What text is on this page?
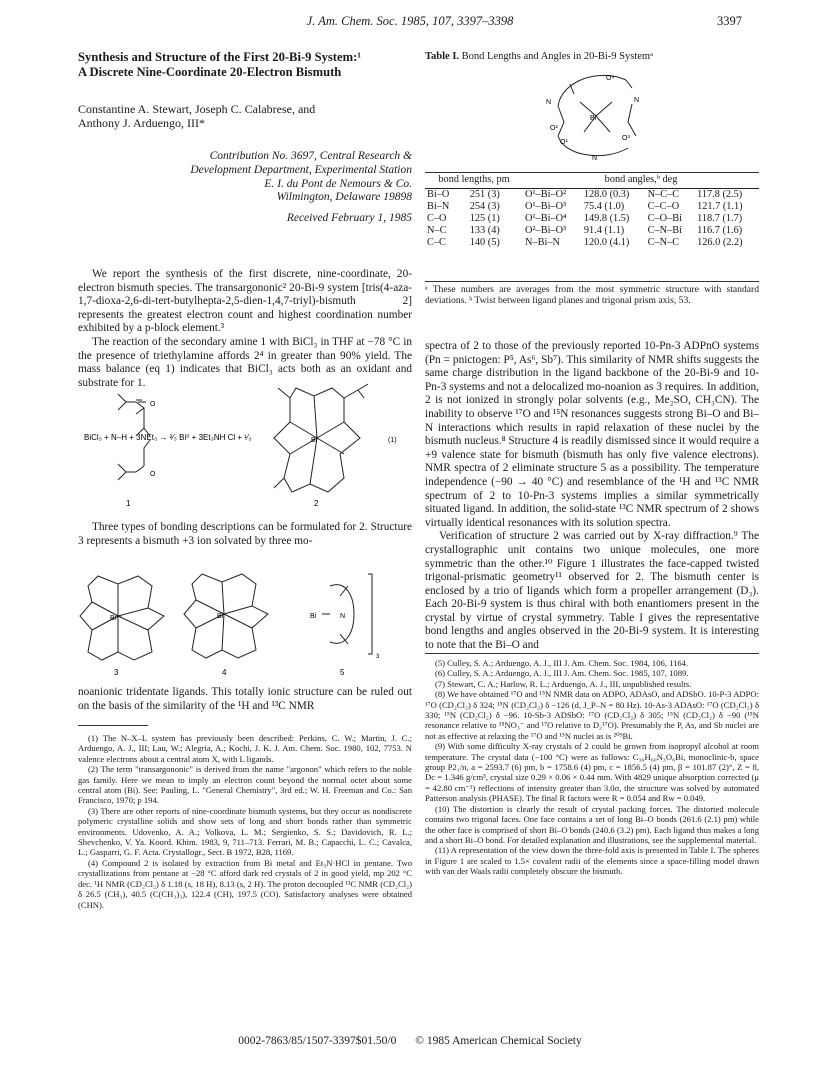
J. Am. Chem. Soc. 1985, 107, 3397–3398	3397
Synthesis and Structure of the First 20-Bi-9 System:¹
A Discrete Nine-Coordinate 20-Electron Bismuth
Constantine A. Stewart, Joseph C. Calabrese, and
Anthony J. Arduengo, III*
Contribution No. 3697, Central Research &
Development Department, Experimental Station
E. I. du Pont de Nemours & Co.
Wilmington, Delaware 19898
Received February 1, 1985

We report the synthesis of the first discrete, nine-coordinate, 20-electron bismuth species. The transargononic² 20-Bi-9 system [tris(4-aza-1,7-dioxa-2,6-di-tert-butylhepta-2,5-dien-1,4,7-triyl)-bismuth 2] represents the greatest electron count and highest coordination number exhibited by a p-block element.³

The reaction of the secondary amine 1 with BiCl₃ in THF at −78 °C in the presence of triethylamine affords 2⁴ in greater than 90% yield. The mass balance (eq 1) indicates that BiCl₃ acts both as an oxidant and substrate for 1.

BiCl₃ + N–H + 3NEt₃ → ²⁄₃ Bi⁰ + 3Et₃NH Cl + ¹⁄₃
O
O
Bi	(1)
1	2

Three types of bonding descriptions can be formulated for 2. Structure 3 represents a bismuth +3 ion solvated by three mo-

Bi³⁺	Bi	Bi	N
3	4	5
3

noanionic tridentate ligands. This totally ionic structure can be ruled out on the basis of the similarity of the ¹H and ¹³C NMR

(1) The N–X–L system has previously been described: Perkins, C. W.; Martin, J. C.; Arduengo, A. J., III; Lau, W.; Alegria, A.; Kochi, J. K. J. Am. Chem. Soc. 1980, 102, 7753. N valence electrons about a central atom X, with L ligands.

(2) The term "transargononic" is derived from the name "argonon" which refers to the noble gas family. Here we mean to imply an electron count beyond the normal octet about some central atom (Bi). See: Pauling, L. "General Chemistry", 3rd ed.; W. H. Freeman and Co.: San Francisco, 1970; p 194.

(3) There are other reports of nine-coordinate bismuth systems, but they occur as nondiscrete polymeric crystalline solids and show sets of long and short bonds rather than symmetric environments. Udovenko, A. A.; Volkova, L. M.; Sergienko, S. S.; Davidovich, R. L.; Shevchenko, V. Ya. Koord. Khim. 1983, 9, 711–713. Ferrari, M. B.; Capacchi, L. C.; Cavalca, L.; Gasparri, G. F. Acta. Crystallogr., Sect. B 1972, B28, 1169.

(4) Compound 2 is isolated by extraction from Bi metal and Et₃N·HCl in pentane. Two crystallizations from pentane at −28 °C afford dark red crystals of 2 in good yield, mp 202 °C dec. ¹H NMR (CD₂Cl₂) δ 1.18 (s, 18 H), 8.13 (s, 2 H). The proton decoupled ¹³C NMR (CD₂Cl₂) δ 26.5 (CH₃), 40.5 (C(CH₃)₃), 122.4 (CH), 197.5 (CO). Satisfactory analyses were obtained (CHN).

Table I. Bond Lengths and Angles in 20-Bi-9 Systemᵃ
O⁴
N	N
Bi
O²
O¹
O³
N
bond lengths, pm		bond angles,ᵇ deg			
Bi–O	251 (3)	O¹–Bi–O²	128.0 (0.3)	N–C–C	117.8 (2.5)
Bi–N	254 (3)	O¹–Bi–O³	75.4 (1.0)	C–C–O	121.7 (1.1)
C–O	125 (1)	O¹–Bi–O⁴	149.8 (1.5)	C–O–Bi	118.7 (1.7)
N–C	133 (4)	O²–Bi–O³	91.4 (1.1)	C–N–Bi	116.7 (1.6)
C–C	140 (5)	N–Bi–N	120.0 (4.1)	C–N–C	126.0 (2.2)
ᵃ These numbers are averages from the most symmetric structure with standard deviations. ᵇ Twist between ligand planes and trigonal prism axis, 53.

spectra of 2 to those of the previously reported 10-Pn-3 ADPnO systems (Pn = pnictogen: P⁵, As⁶, Sb⁷). This similarity of NMR shifts suggests the same charge distribution in the ligand backbone of the 20-Bi-9 and 10-Pn-3 systems and not a delocalized mo-noanion as 3 requires. In addition, 2 is not ionized in strongly polar solvents (e.g., Me₂SO, CH₃CN). The inability to observe ¹⁷O and ¹⁵N resonances suggests strong Bi–O and Bi–N interactions which results in rapid relaxation of these nuclei by the bismuth nucleus.⁸ Structure 4 is readily dismissed since it would require a +9 valence state for bismuth (bismuth has only five valence electrons). NMR spectra of 2 eliminate structure 5 as a possibility. The temperature independence (−90 → 40 °C) and resemblance of the ¹H and ¹³C NMR spectrum of 2 to 10-Pn-3 systems implies a similar symmetrically situated ligand. In addition, the solid-state ¹³C NMR spectrum of 2 shows virtually identical resonances with its solution spectra.

Verification of structure 2 was carried out by X-ray diffraction.⁹ The crystallographic unit contains two unique molecules, one more symmetric than the other.¹⁰ Figure 1 illustrates the face-capped twisted trigonal-prismatic geometry¹¹ observed for 2. The bismuth center is enclosed by a trio of ligands which form a propeller arrangement (D₃). Each 20-Bi-9 system is thus chiral with both enantiomers present in the crystal by virtue of crystal symmetry. Table I gives the representative bond lengths and angles observed in the 20-Bi-9 system. It is interesting to note that the Bi–O and

(5) Culley, S. A.; Arduengo, A. J., III J. Am. Chem. Soc. 1984, 106, 1164.

(6) Culley, S. A.; Arduengo, A. J., III J. Am. Chem. Soc. 1985, 107, 1089.

(7) Stewart, C. A.; Harlow, R. L.; Arduengo, A. J., III, unpublished results.

(8) We have obtained ¹⁷O and ¹⁵N NMR data on ADPO, ADAsO, and ADSbO. 10-P-3 ADPO: ¹⁷O (CD₂Cl₂) δ 324; ¹⁵N (CD₂Cl₂) δ −126 (d, J_P–N = 80 Hz). 10-As-3 ADAsO: ¹⁷O (CD₂Cl₂) δ 330; ¹⁵N (CD₂Cl₂) δ −96. 10-Sb-3 ADSbO: ¹⁷O (CD₂Cl₂) δ 305; ¹⁵N (CD₂Cl₂) δ −90 (¹⁵N resonance relative to ¹⁵NO₃⁻ and ¹⁷O relative to D₂¹⁷O). Presumably the P, As, and Sb nuclei are not as effective at relaxing the ¹⁷O and ¹⁵N nuclei as is ²⁰⁹Bi.

(9) With some difficulty X-ray crystals of 2 could be grown from isopropyl alcohol at room temperature. The crystal data (−100 °C) were as follows: C₃₆H₆₀N₃O₆Bi, monoclinic-b, space group P2₁/n, a = 2593.7 (6) pm, b = 1758.6 (4) pm, c = 1856.5 (4) pm, β = 101.87 (2)°, Z = 8, Dc = 1.346 g/cm³, crystal size 0.29 × 0.06 × 0.44 mm. With 4829 unique absorption corrected (μ = 42.80 cm⁻¹) reflections of intensity greater than 3.0σ, the structure was solved by automated Patterson analysis (PHASE). The final R factors were R = 0.054 and Rw = 0.049.

(10) The distortion is clearly the result of crystal packing forces. The distorted molecule contains two trigonal faces. One face contains a set of long Bi–O bonds (261.6 (2.1) pm) while the other face is comprised of short Bi–O bonds (240.6 (3.2) pm). Each ligand thus makes a long and a short Bi–O bond. For detailed explanation and illustrations, see the supplemental material.

(11) A representation of the view down the three-fold axis is presented in Table I. The spheres in Figure 1 are scaled to 1.5× covalent radii of the elements since a space-filling model drawn with van der Waals radii completely obscure the bismuth.

0002-7863/85/1507-3397$01.50/0 © 1985 American Chemical Society
